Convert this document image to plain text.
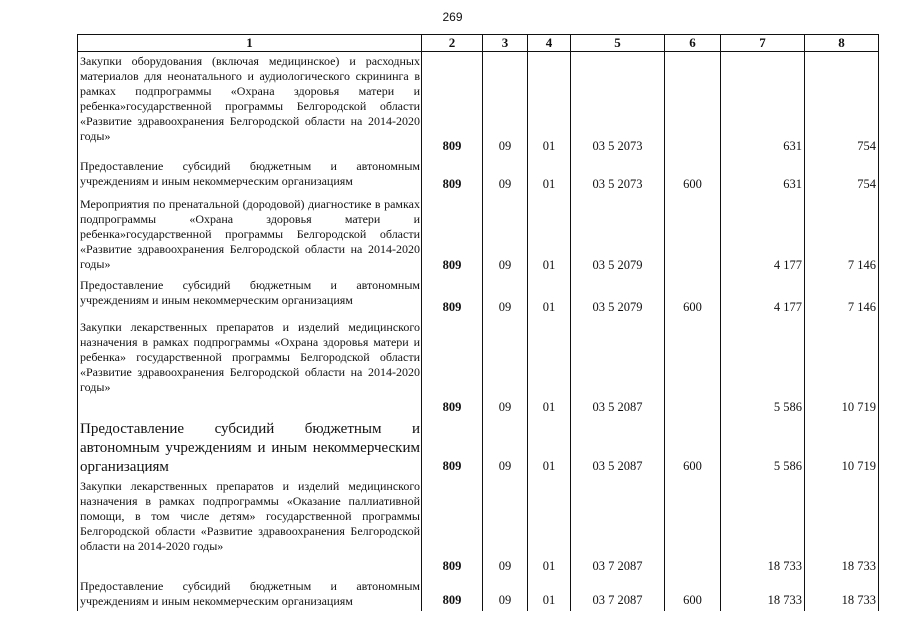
269
1	2	3	4	5	6	7	8
Закупки оборудования (включая медицинское) и расходных материалов для неонатального и аудиологического скрининга в рамках подпрограммы «Охрана здоровья матери и ребенка»государственной программы Белгородской области «Развитие здравоохранения Белгородской области на 2014-2020 годы»	809	09	01	03 5 2073		631	754
Предоставление субсидий бюджетным и автономным учреждениям и иным некоммерческим организациям	809	09	01	03 5 2073	600	631	754
Мероприятия по пренатальной (дородовой) диагностике в рамках подпрограммы «Охрана здоровья матери и ребенка»государственной программы Белгородской области «Развитие здравоохранения Белгородской области на 2014-2020 годы»	809	09	01	03 5 2079		4 177	7 146
Предоставление субсидий бюджетным и автономным учреждениям и иным некоммерческим организациям	809	09	01	03 5 2079	600	4 177	7 146
Закупки лекарственных препаратов и изделий медицинского назначения в рамках подпрограммы «Охрана здоровья матери и ребенка» государственной программы Белгородской области «Развитие здравоохранения Белгородской области на 2014-2020 годы»	809	09	01	03 5 2087		5 586	10 719
Предоставление субсидий бюджетным и автономным учреждениям и иным некоммерческим организациям	809	09	01	03 5 2087	600	5 586	10 719
Закупки лекарственных препаратов и изделий медицинского назначения в рамках подпрограммы «Оказание паллиативной помощи, в том числе детям» государственной программы Белгородской области «Развитие здравоохранения Белгородской области на 2014-2020 годы»	809	09	01	03 7 2087		18 733	18 733
Предоставление субсидий бюджетным и автономным учреждениям и иным некоммерческим организациям	809	09	01	03 7 2087	600	18 733	18 733
